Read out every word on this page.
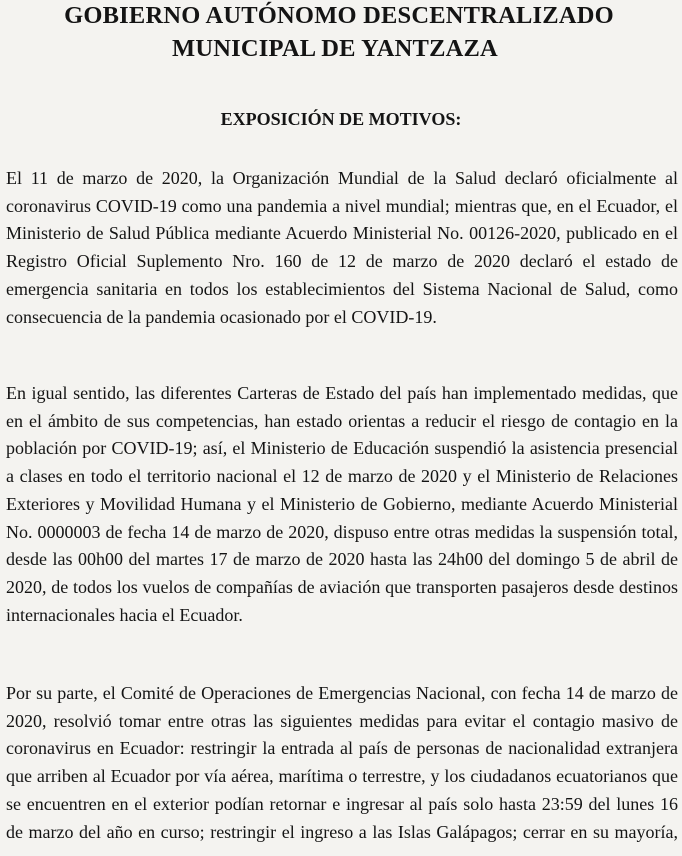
GOBIERNO AUTÓNOMO DESCENTRALIZADO
MUNICIPAL DE YANTZAZA
EXPOSICIÓN DE MOTIVOS:
El 11 de marzo de 2020, la Organización Mundial de la Salud declaró oficialmente al
coronavirus COVID-19 como una pandemia a nivel mundial; mientras que, en el Ecuador, el
Ministerio de Salud Pública mediante Acuerdo Ministerial No. 00126-2020, publicado en el
Registro Oficial Suplemento Nro. 160 de 12 de marzo de 2020 declaró el estado de
emergencia sanitaria en todos los establecimientos del Sistema Nacional de Salud, como
consecuencia de la pandemia ocasionado por el COVID-19.
En igual sentido, las diferentes Carteras de Estado del país han implementado medidas, que
en el ámbito de sus competencias, han estado orientas a reducir el riesgo de contagio en la
población por COVID-19; así, el Ministerio de Educación suspendió la asistencia presencial
a clases en todo el territorio nacional el 12 de marzo de 2020 y el Ministerio de Relaciones
Exteriores y Movilidad Humana y el Ministerio de Gobierno, mediante Acuerdo Ministerial
No. 0000003 de fecha 14 de marzo de 2020, dispuso entre otras medidas la suspensión total,
desde las 00h00 del martes 17 de marzo de 2020 hasta las 24h00 del domingo 5 de abril de
2020, de todos los vuelos de compañías de aviación que transporten pasajeros desde destinos
internacionales hacia el Ecuador.
Por su parte, el Comité de Operaciones de Emergencias Nacional, con fecha 14 de marzo de
2020, resolvió tomar entre otras las siguientes medidas para evitar el contagio masivo de
coronavirus en Ecuador: restringir la entrada al país de personas de nacionalidad extranjera
que arriben al Ecuador por vía aérea, marítima o terrestre, y los ciudadanos ecuatorianos que
se encuentren en el exterior podían retornar e ingresar al país solo hasta 23:59 del lunes 16
de marzo del año en curso; restringir el ingreso a las Islas Galápagos; cerrar en su mayoría,
